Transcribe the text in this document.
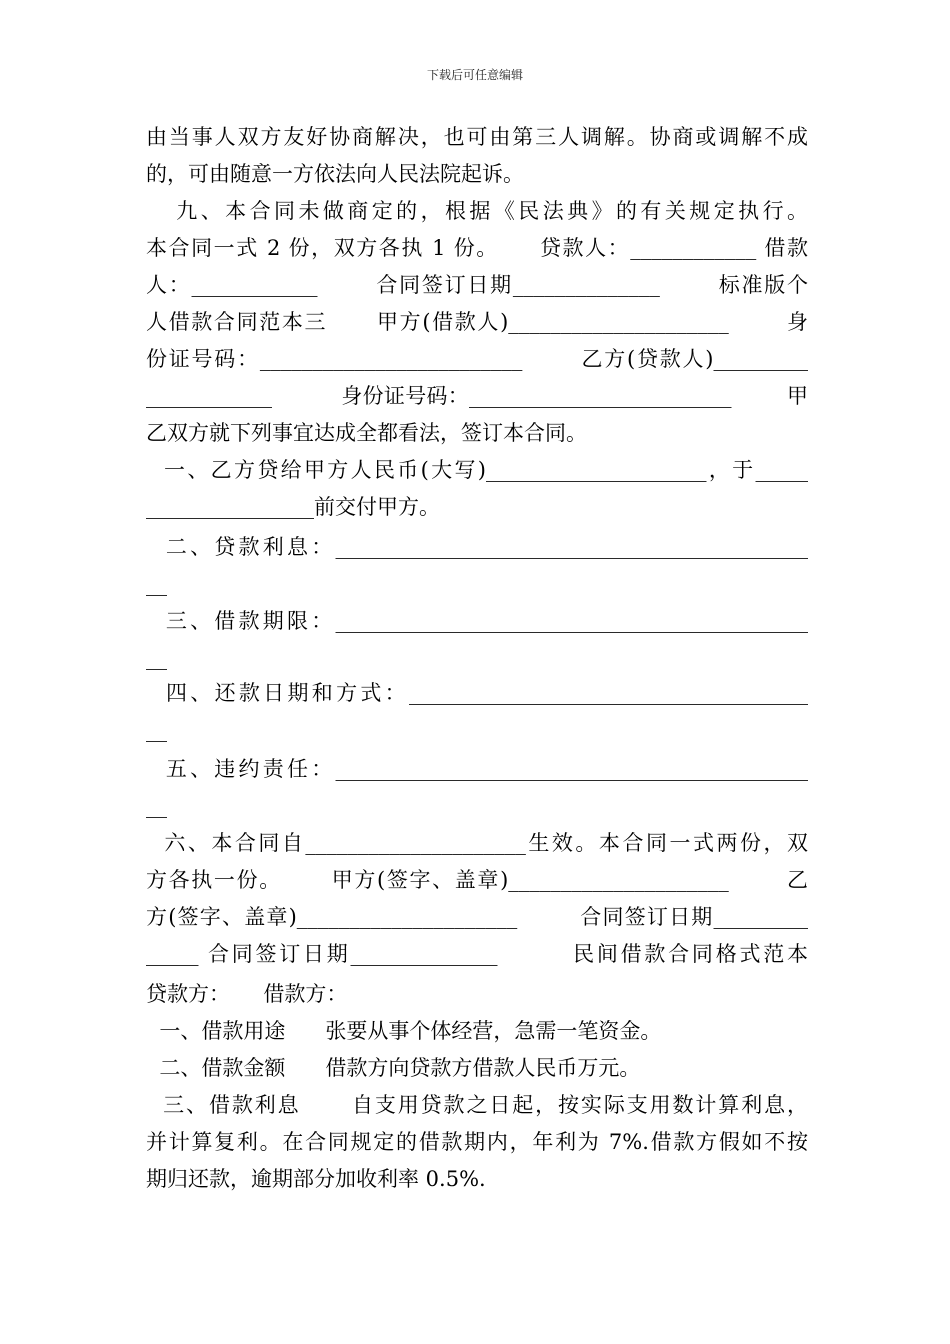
下载后可任意编辑
由当事人双方友好协商解决，也可由第三人调解。协商或调解不成
的，可由随意一方依法向人民法院起诉。
九、本合同未做商定的，根据《民法典》的有关规定执行。
本合同一式 2 份，双方各执 1 份。     贷款人：____________ 借款
人：____________       合同签订日期______________       标准版个
人借款合同范本三      甲方(借款人)_____________________       身
份证号码：_________________________       乙方(贷款人)_________
____________          身份证号码：_________________________        甲
乙双方就下列事宜达成全都看法，签订本合同。
一、乙方贷给甲方人民币(大写)_____________________，于_____
________________前交付甲方。
二、贷款利息：_____________________________________________
__
三、借款期限：_____________________________________________
__
四、还款日期和方式：______________________________________
__
五、违约责任：_____________________________________________
__
六、本合同自_____________________生效。本合同一式两份，双
方各执一份。      甲方(签字、盖章)_____________________       乙
方(签字、盖章)_____________________        合同签订日期_________
_____ 合同签订日期______________        民间借款合同格式范本
贷款方：     借款方：
一、借款用途      张要从事个体经营，急需一笔资金。
二、借款金额      借款方向贷款方借款人民币万元。
三、借款利息      自支用贷款之日起，按实际支用数计算利息，
并计算复利。在合同规定的借款期内，年利为 7%.借款方假如不按
期归还款，逾期部分加收利率 0.5%.
